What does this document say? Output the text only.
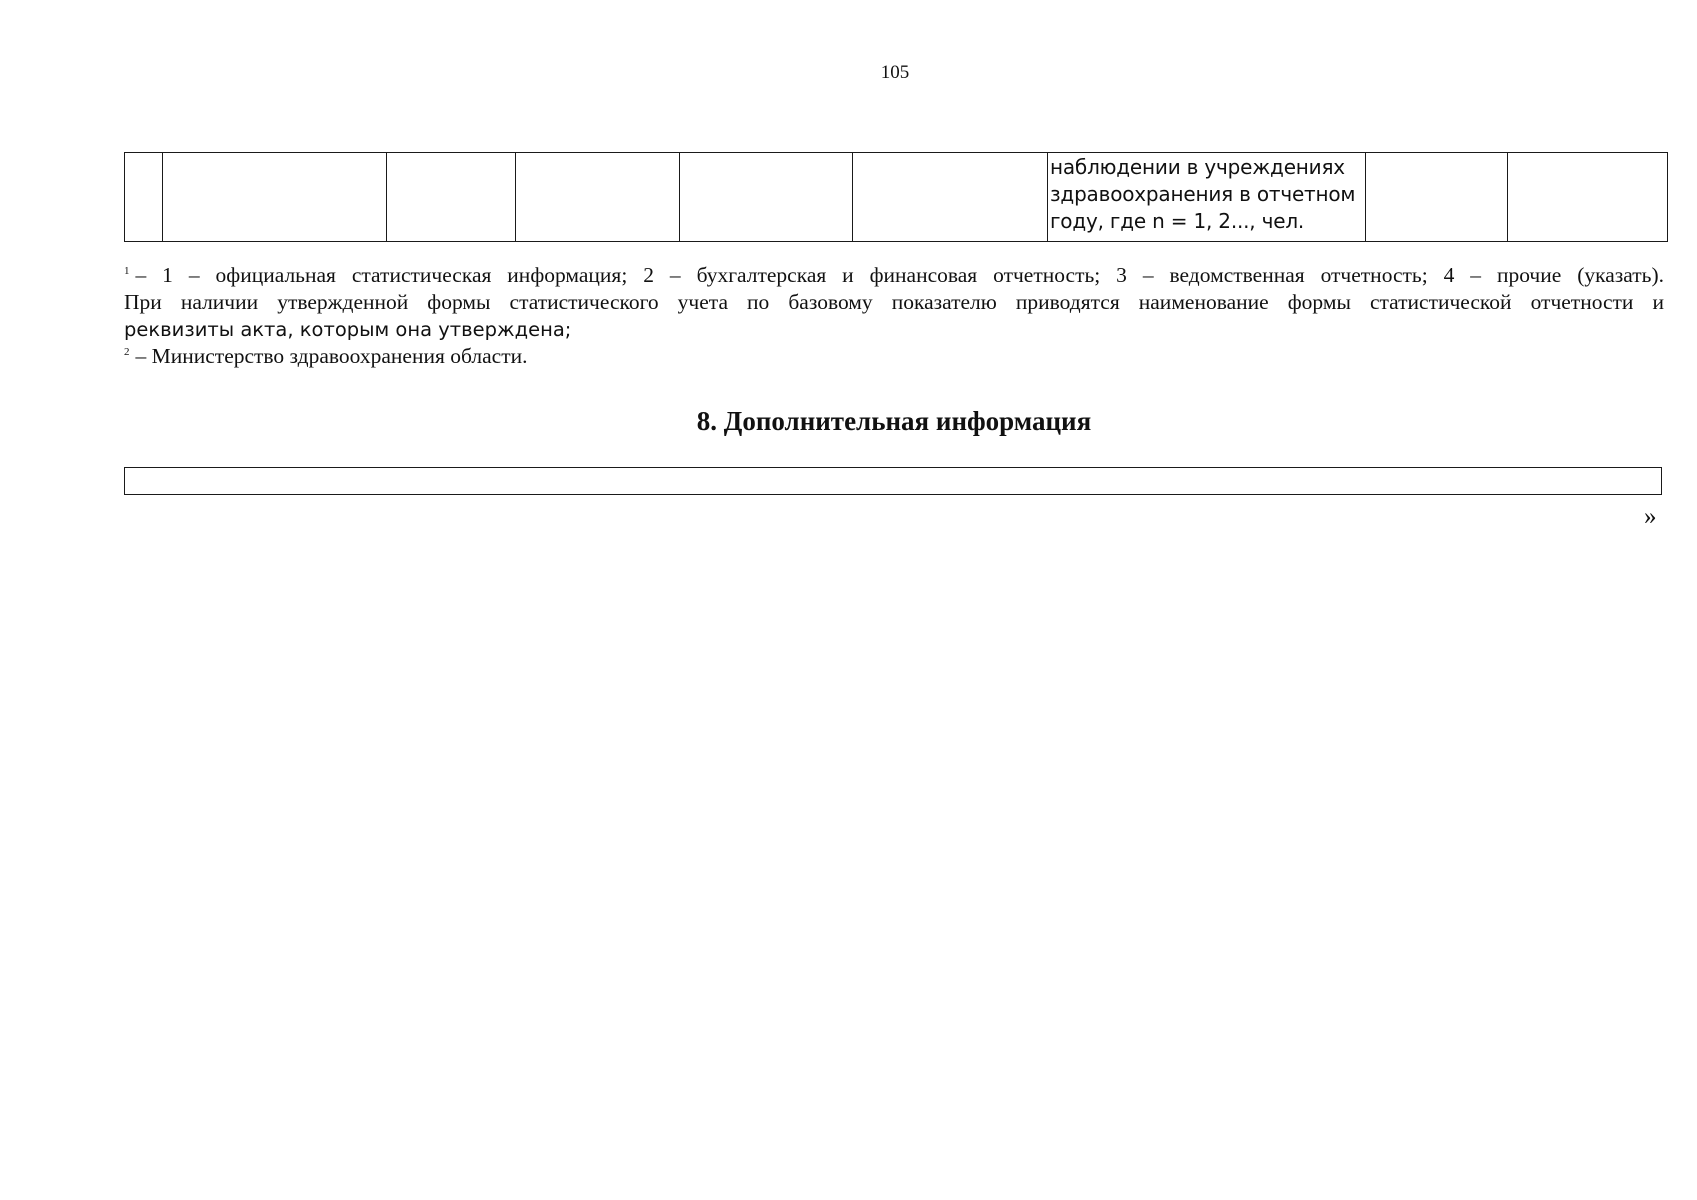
105

наблюдении в учреждениях
здравоохранения в отчетном
году, где n = 1, 2..., чел.

$^1$ – 1 – официальная статистическая информация; 2 – бухгалтерская и финансовая отчетность; 3 – ведомственная отчетность; 4 – прочие (указать).

При наличии утвержденной формы статистического учета по базовому показателю приводятся наименование формы статистической отчетности и

реквизиты акта, которым она утверждена;

$^2$ – Министерство здравоохранения области.

8. Дополнительная информация
»
